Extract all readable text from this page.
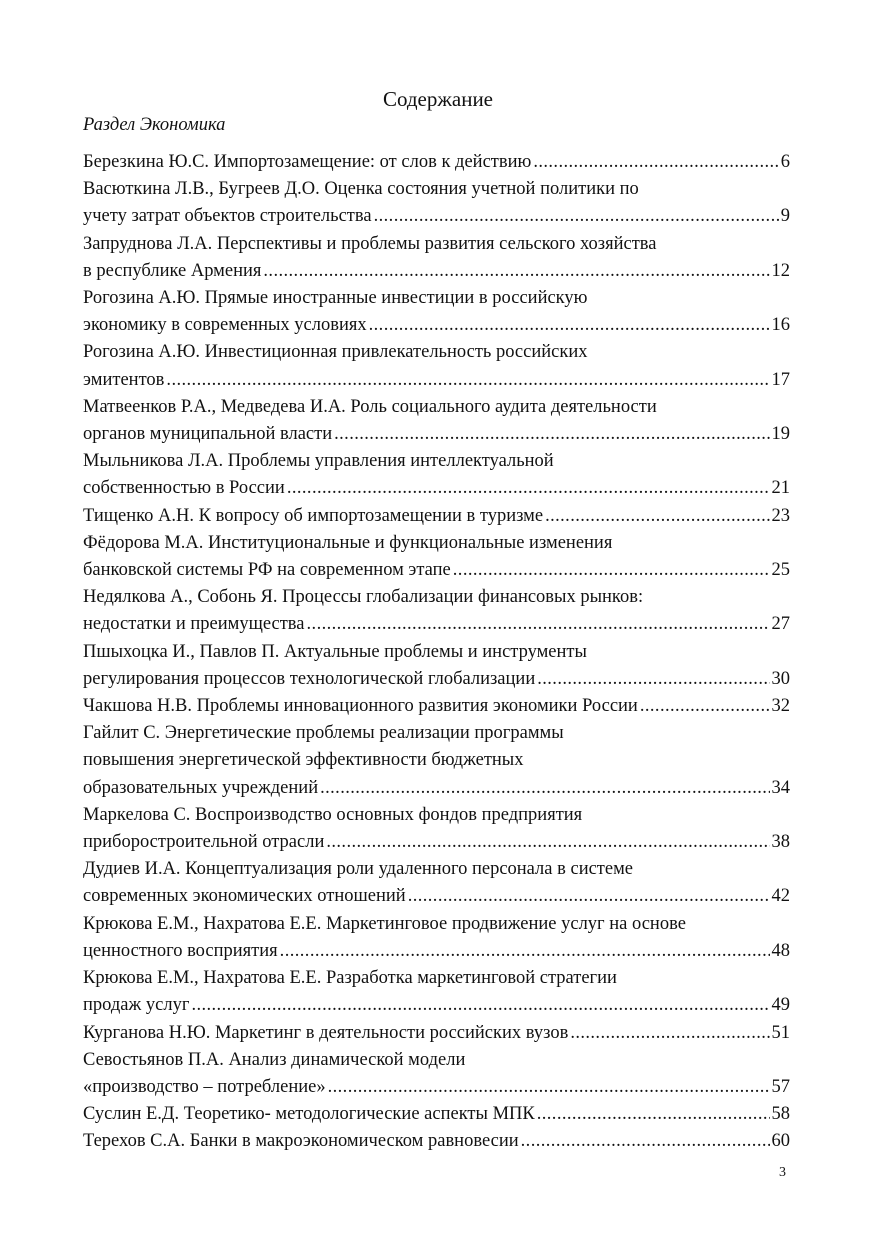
Содержание
Раздел Экономика
Березкина Ю.С. Импортозамещение: от слов к действию .....	6
Васюткина Л.В., Бугреев Д.О. Оценка состояния учетной политики по
учету затрат объектов строительства .....	9
Запруднова Л.А. Перспективы и проблемы развития сельского хозяйства
в республике Армения .....	12
Рогозина А.Ю. Прямые иностранные инвестиции в российскую
экономику в современных условиях .....	16
Рогозина А.Ю. Инвестиционная привлекательность российских
эмитентов .....	17
Матвеенков Р.А., Медведева И.А. Роль социального аудита деятельности
органов муниципальной власти .....	19
Мыльникова Л.А. Проблемы управления интеллектуальной
собственностью в России .....	21
Тищенко А.Н. К вопросу об импортозамещении в туризме .....	23
Фёдорова М.А. Институциональные и функциональные изменения
банковской системы РФ на современном этапе .....	25
Недялкова А., Собонь Я. Процессы глобализации финансовых рынков:
недостатки и преимущества .....	27
Пшыхоцка И., Павлов П. Актуальные проблемы и инструменты
регулирования процессов технологической глобализации .....	30
Чакшова Н.В. Проблемы инновационного развития экономики России .....	32
Гайлит С. Энергетические проблемы реализации программы
повышения энергетической эффективности бюджетных
образовательных учреждений .....	34
Маркелова С. Воспроизводство основных фондов предприятия
приборостроительной отрасли .....	38
Дудиев И.А. Концептуализация роли удаленного персонала в системе
современных экономических отношений .....	42
Крюкова Е.М., Нахратова Е.Е. Маркетинговое продвижение услуг на основе
ценностного восприятия .....	48
Крюкова Е.М., Нахратова Е.Е. Разработка маркетинговой стратегии
продаж услуг .....	49
Курганова Н.Ю. Маркетинг в деятельности российских вузов .....	51
Севостьянов П.А. Анализ динамической модели
«производство – потребление» .....	57
Суслин Е.Д. Теоретико- методологические аспекты МПК .....	58
Терехов С.А. Банки в макроэкономическом равновесии .....	60
3
